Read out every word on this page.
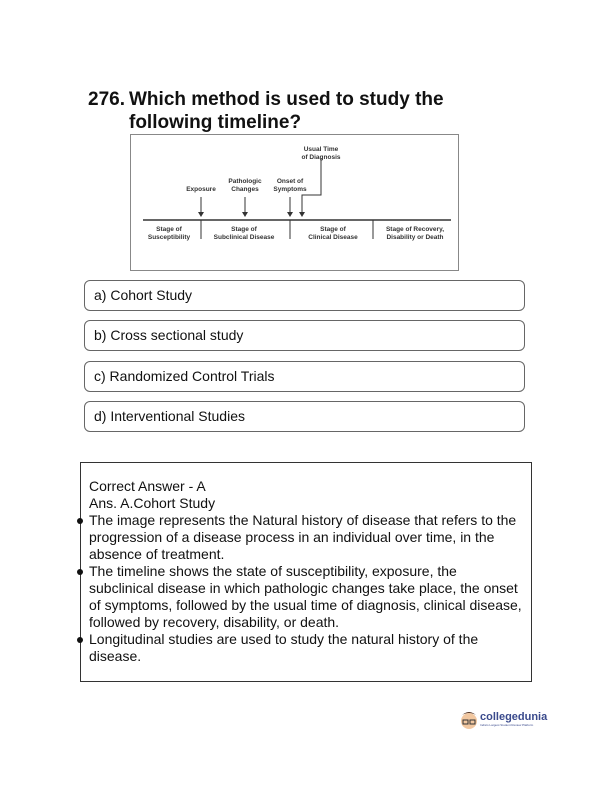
276. Which method is used to study the
following timeline?
Exposure
Pathologic
Changes
Onset of
Symptoms
Usual Time
of Diagnosis
Stage of
Susceptibility
Stage of
Subclinical Disease
Stage of
Clinical Disease
Stage of Recovery,
Disability or Death
a) Cohort Study
b) Cross sectional study
c) Randomized Control Trials
d) Interventional Studies

Correct Answer - A

Ans. A.Cohort Study

The image represents the Natural history of disease that refers to the progression of a disease process in an individual over time, in the absence of treatment.
The timeline shows the state of susceptibility, exposure, the subclinical disease in which pathologic changes take place, the onset of symptoms, followed by the usual time of diagnosis, clinical disease, followed by recovery, disability, or death.
Longitudinal studies are used to study the natural history of the disease.
collegedunia
India's Largest Student Review Platform
